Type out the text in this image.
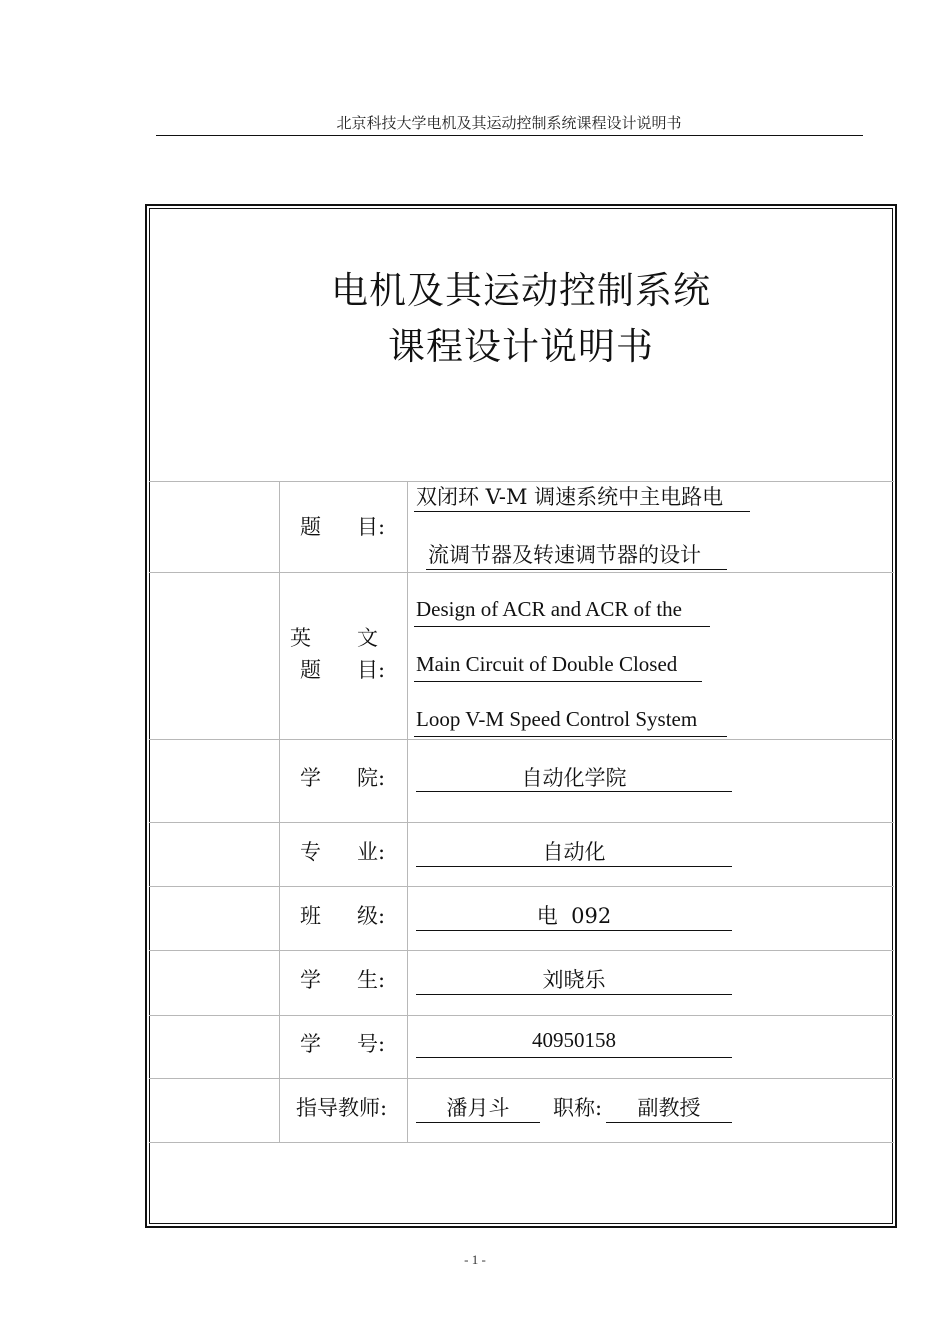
北京科技大学电机及其运动控制系统课程设计说明书
电机及其运动控制系统
课程设计说明书
题 目:
双闭环 V-M 调速系统中主电路电
流调节器及转速调节器的设计
英 文
题 目:
Design of ACR and ACR of the
Main Circuit of Double Closed
Loop V-M Speed Control System
学 院:	自动化学院
专 业:	自动化
班 级:	电  092
学 生:	刘晓乐
学 号:	40950158
指导教师:	潘月斗	职称:	副教授
- 1 -
